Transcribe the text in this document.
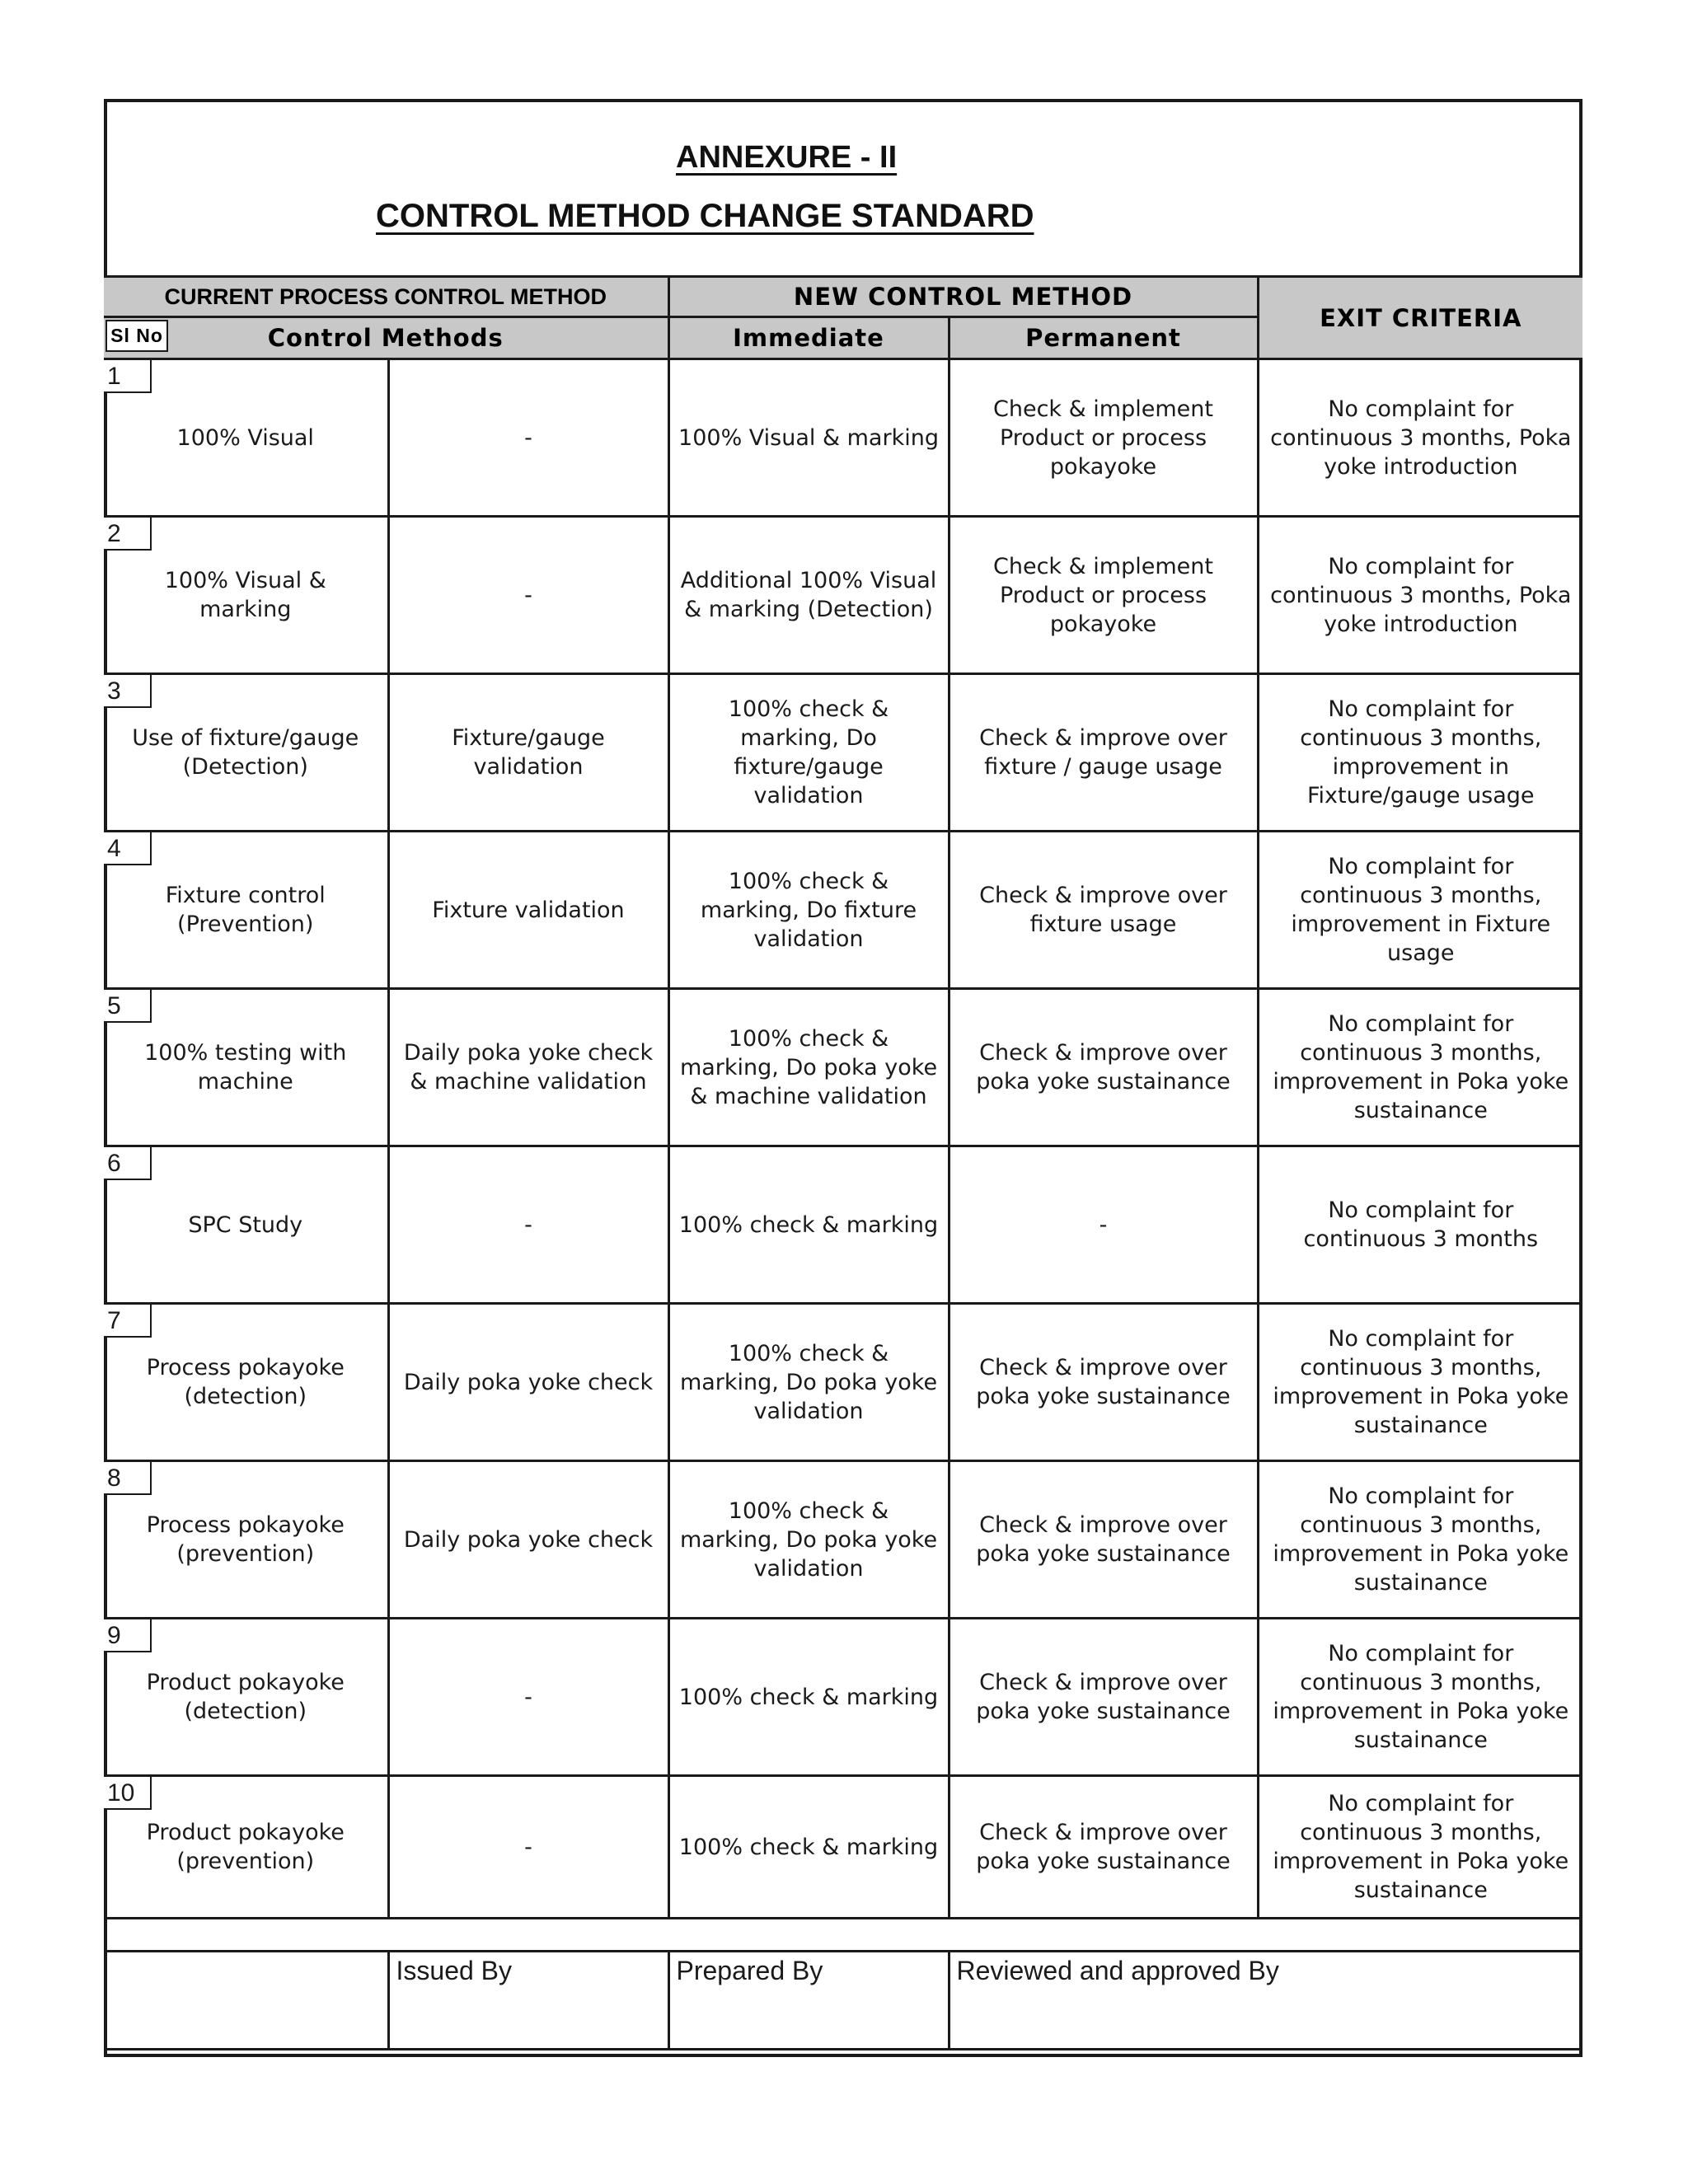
ANNEXURE - II
CONTROL METHOD CHANGE STANDARD
CURRENT PROCESS CONTROL METHOD		NEW CONTROL METHOD		EXIT CRITERIA

Sl No Control Methods		Immediate	Permanent	

1
100% Visual	-	100% Visual & marking	Check & implement Product or process pokayoke	No complaint for continuous 3 months, Poka yoke introduction

2
100% Visual & marking	-	Additional 100% Visual & marking (Detection)	Check & implement Product or process pokayoke	No complaint for continuous 3 months, Poka yoke introduction

3
Use of fixture/gauge (Detection)	Fixture/gauge validation	100% check & marking, Do fixture/gauge validation	Check & improve over fixture / gauge usage	No complaint for continuous 3 months, improvement in Fixture/gauge usage

4
Fixture control (Prevention)	Fixture validation	100% check & marking, Do fixture validation	Check & improve over fixture usage	No complaint for continuous 3 months, improvement in Fixture usage

5
100% testing with machine	Daily poka yoke check & machine validation	100% check & marking, Do poka yoke & machine validation	Check & improve over poka yoke sustainance	No complaint for continuous 3 months, improvement in Poka yoke sustainance

6
SPC Study	-	100% check & marking	-	No complaint for continuous 3 months

7
Process pokayoke (detection)	Daily poka yoke check	100% check & marking, Do poka yoke validation	Check & improve over poka yoke sustainance	No complaint for continuous 3 months, improvement in Poka yoke sustainance

8
Process pokayoke (prevention)	Daily poka yoke check	100% check & marking, Do poka yoke validation	Check & improve over poka yoke sustainance	No complaint for continuous 3 months, improvement in Poka yoke sustainance

9
Product pokayoke (detection)	-	100% check & marking	Check & improve over poka yoke sustainance	No complaint for continuous 3 months, improvement in Poka yoke sustainance

10
Product pokayoke (prevention)	-	100% check & marking	Check & improve over poka yoke sustainance	No complaint for continuous 3 months, improvement in Poka yoke sustainance

	Issued By	Prepared By	Reviewed and approved By	
